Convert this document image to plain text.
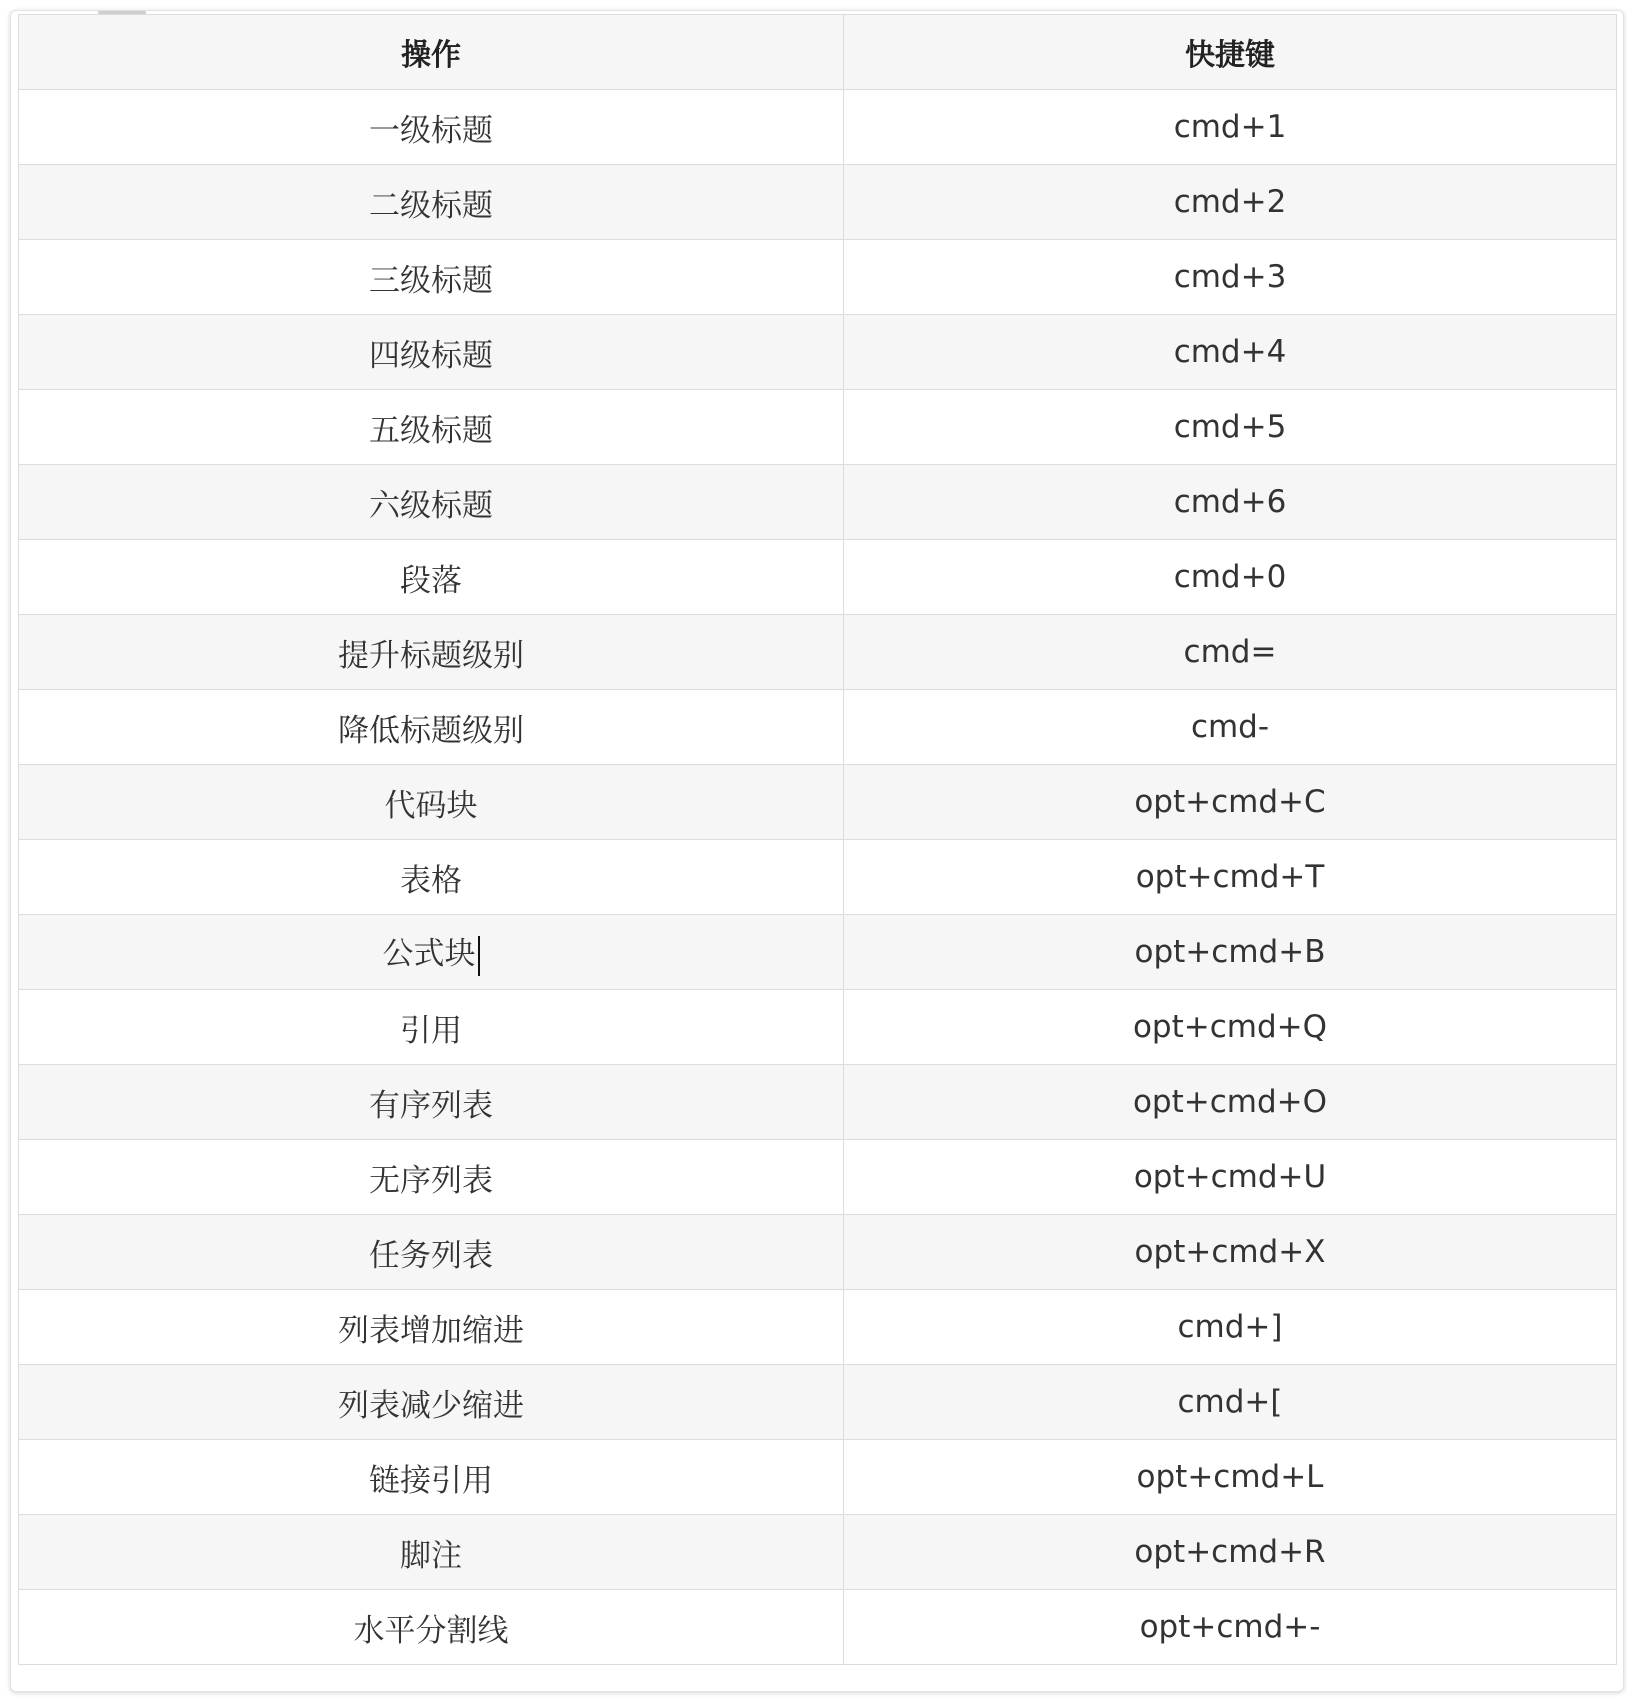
操作	快捷键
一级标题	cmd+1
二级标题	cmd+2
三级标题	cmd+3
四级标题	cmd+4
五级标题	cmd+5
六级标题	cmd+6
段落	cmd+0
提升标题级别	cmd=
降低标题级别	cmd-
代码块	opt+cmd+C
表格	opt+cmd+T
公式块	opt+cmd+B
引用	opt+cmd+Q
有序列表	opt+cmd+O
无序列表	opt+cmd+U
任务列表	opt+cmd+X
列表增加缩进	cmd+]
列表减少缩进	cmd+[
链接引用	opt+cmd+L
脚注	opt+cmd+R
水平分割线	opt+cmd+-
